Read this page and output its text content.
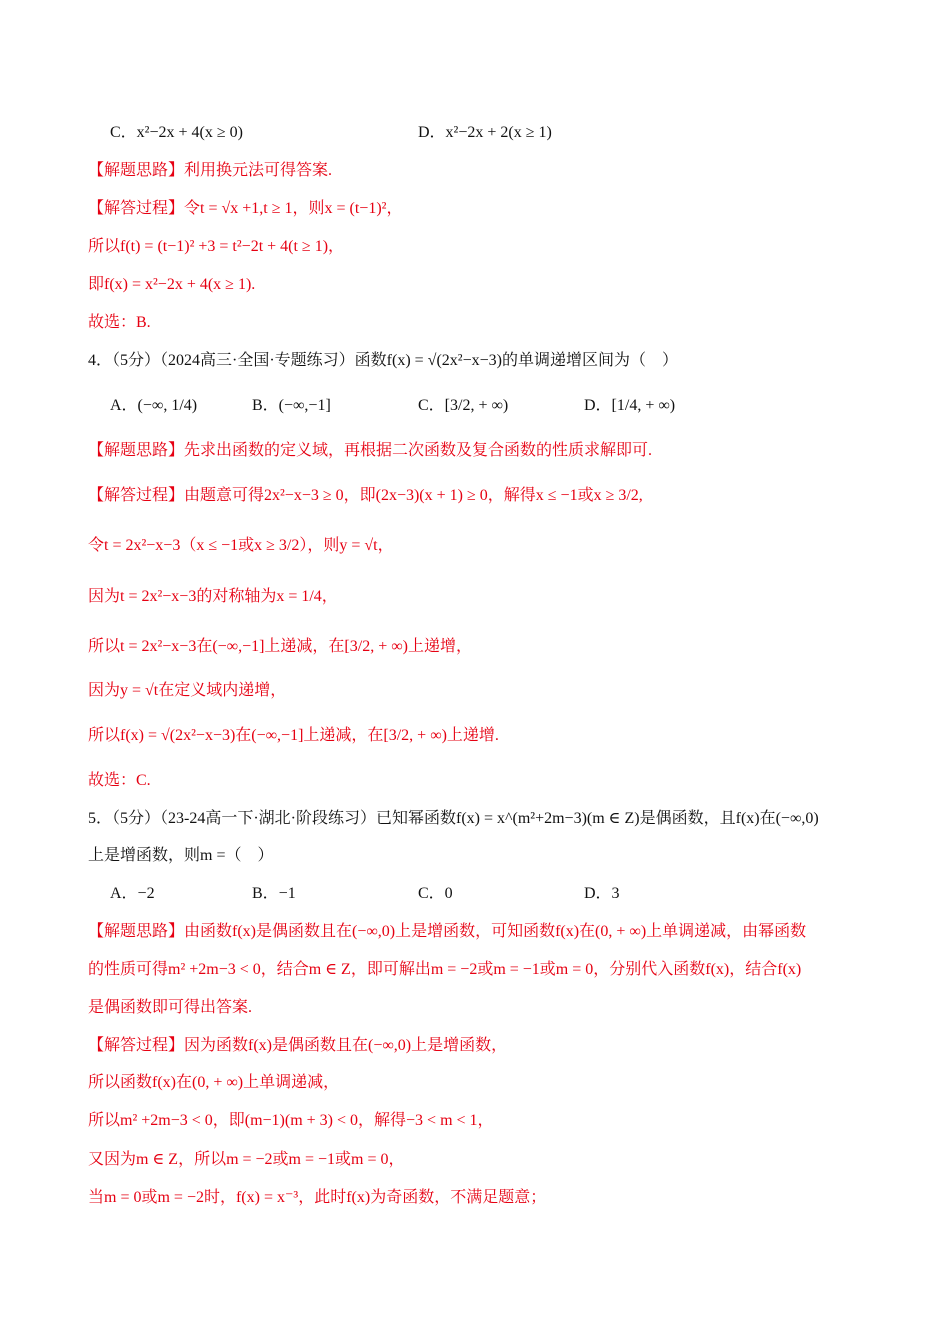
C．x²−2x + 4(x ≥ 0)	D．x²−2x + 2(x ≥ 1)
【解题思路】利用换元法可得答案.
【解答过程】令t = √x +1,t ≥ 1，则x = (t−1)²，
所以f(t) = (t−1)² +3 = t²−2t + 4(t ≥ 1)，
即f(x) = x²−2x + 4(x ≥ 1).
故选：B.
4．（5分）（2024高三·全国·专题练习）函数f(x) = √(2x²−x−3)的单调递增区间为（　）
A．(−∞, 1/4)	B．(−∞,−1]	C．[3/2, + ∞)	D．[1/4, + ∞)
【解题思路】先求出函数的定义域，再根据二次函数及复合函数的性质求解即可.
【解答过程】由题意可得2x²−x−3 ≥ 0，即(2x−3)(x + 1) ≥ 0，解得x ≤ −1或x ≥ 3/2,
令t = 2x²−x−3（x ≤ −1或x ≥ 3/2），则y = √t，
因为t = 2x²−x−3的对称轴为x = 1/4，
所以t = 2x²−x−3在(−∞,−1]上递减，在[3/2, + ∞)上递增，
因为y = √t在定义域内递增，
所以f(x) = √(2x²−x−3)在(−∞,−1]上递减，在[3/2, + ∞)上递增.
故选：C.
5．（5分）（23-24高一下·湖北·阶段练习）已知幂函数f(x) = x^(m²+2m−3)(m ∈ Z)是偶函数，且f(x)在(−∞,0)
上是增函数，则m =（　）
A．−2	B．−1	C．0	D．3
【解题思路】由函数f(x)是偶函数且在(−∞,0)上是增函数，可知函数f(x)在(0, + ∞)上单调递减，由幂函数
的性质可得m² +2m−3 < 0，结合m ∈ Z，即可解出m = −2或m = −1或m = 0，分别代入函数f(x)，结合f(x)
是偶函数即可得出答案.
【解答过程】因为函数f(x)是偶函数且在(−∞,0)上是增函数，
所以函数f(x)在(0, + ∞)上单调递减，
所以m² +2m−3 < 0，即(m−1)(m + 3) < 0，解得−3 < m < 1，
又因为m ∈ Z，所以m = −2或m = −1或m = 0，
当m = 0或m = −2时，f(x) = x⁻³，此时f(x)为奇函数，不满足题意；
